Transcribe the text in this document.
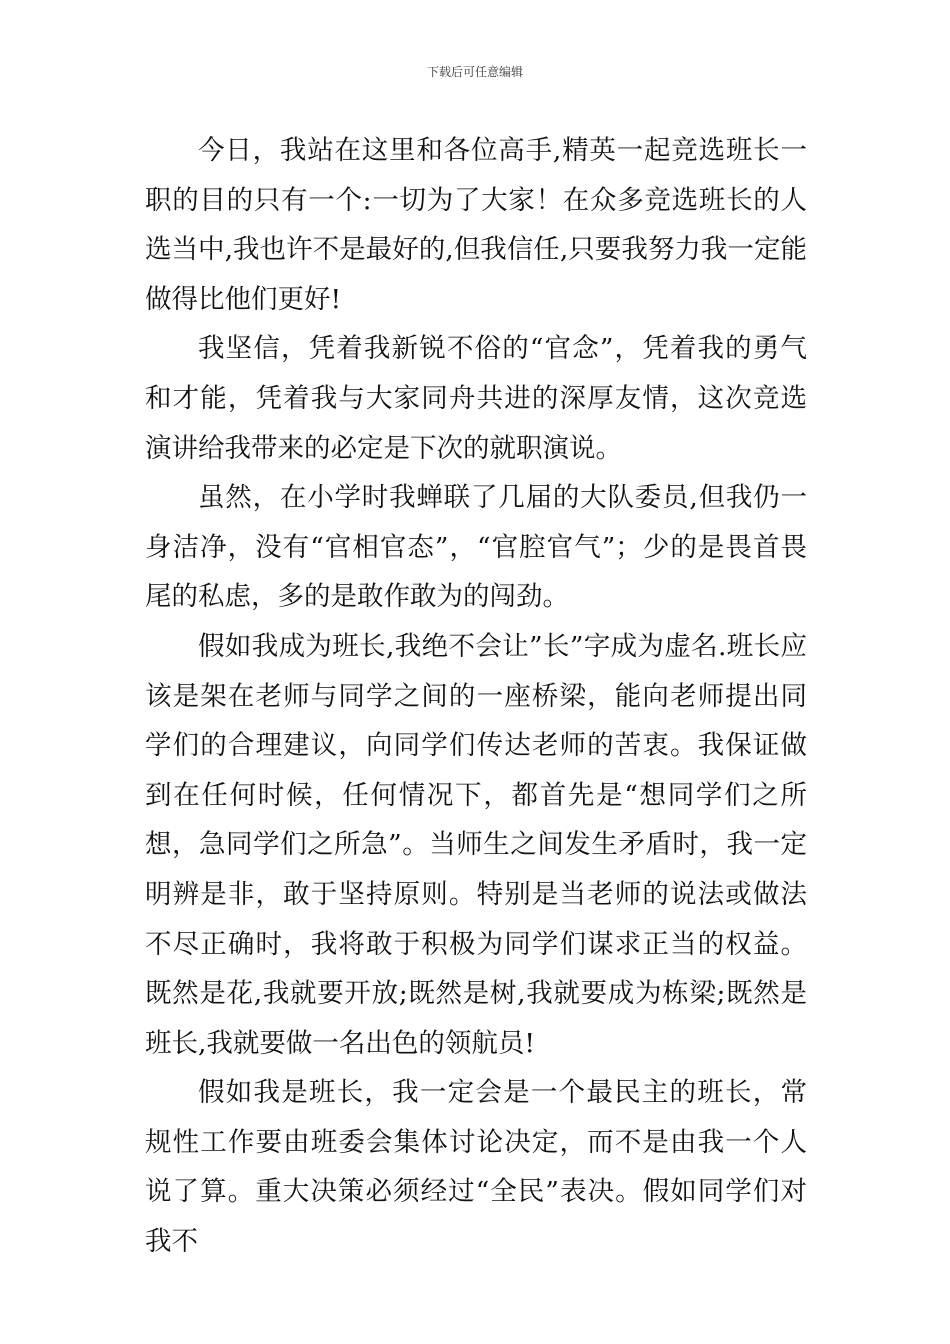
下载后可任意编辑

今日，我站在这里和各位高手,精英一起竞选班长一职的目的只有一个:一切为了大家！在众多竞选班长的人选当中,我也许不是最好的,但我信任,只要我努力我一定能做得比他们更好!

我坚信，凭着我新锐不俗的“官念”，凭着我的勇气和才能，凭着我与大家同舟共进的深厚友情，这次竞选演讲给我带来的必定是下次的就职演说。

虽然，在小学时我蝉联了几届的大队委员,但我仍一身洁净，没有“官相官态”，“官腔官气”；少的是畏首畏尾的私虑，多的是敢作敢为的闯劲。

假如我成为班长,我绝不会让”长”字成为虚名.班长应该是架在老师与同学之间的一座桥梁，能向老师提出同学们的合理建议，向同学们传达老师的苦衷。我保证做到在任何时候，任何情况下，都首先是“想同学们之所想，急同学们之所急”。当师生之间发生矛盾时，我一定明辨是非，敢于坚持原则。特别是当老师的说法或做法不尽正确时，我将敢于积极为同学们谋求正当的权益。既然是花,我就要开放;既然是树,我就要成为栋梁;既然是班长,我就要做一名出色的领航员!

假如我是班长，我一定会是一个最民主的班长，常规性工作要由班委会集体讨论决定，而不是由我一个人说了算。重大决策必须经过“全民”表决。假如同学们对我不
